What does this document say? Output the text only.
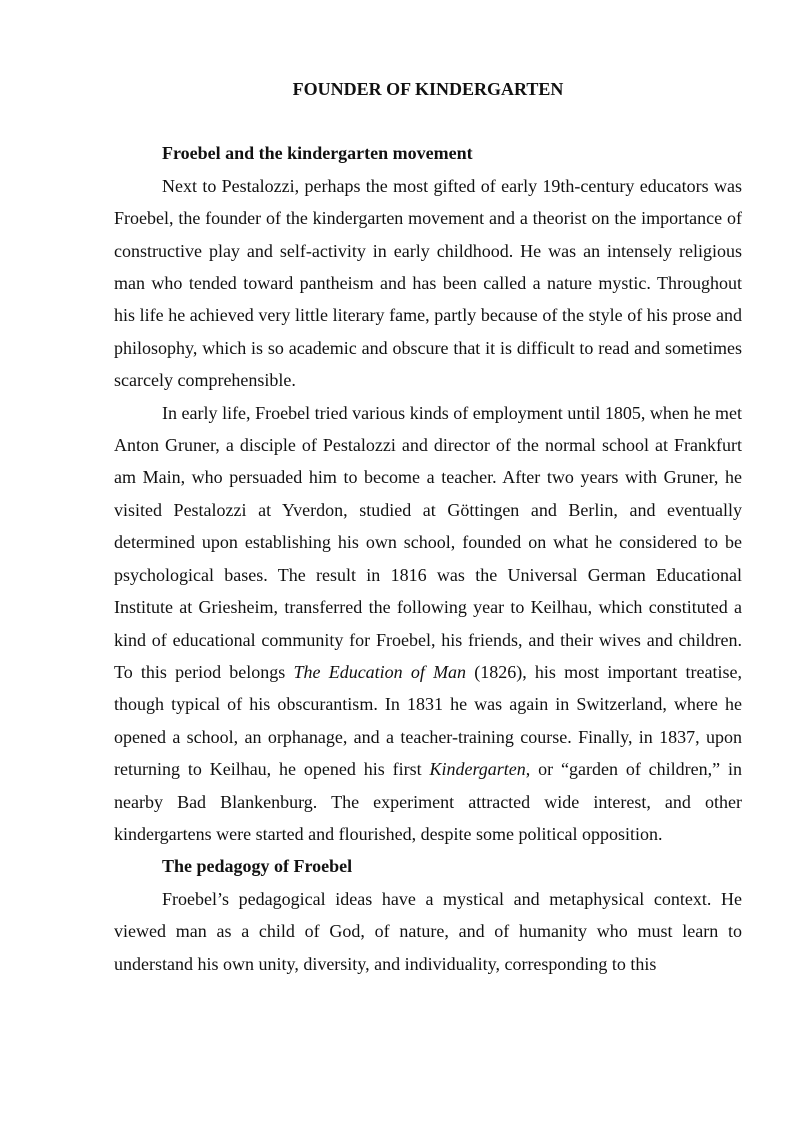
FOUNDER OF KINDERGARTEN

Froebel and the kindergarten movement

Next to Pestalozzi, perhaps the most gifted of early 19th-century educators was Froebel, the founder of the kindergarten movement and a theorist on the importance of constructive play and self-activity in early childhood. He was an intensely religious man who tended toward pantheism and has been called a nature mystic. Throughout his life he achieved very little literary fame, partly because of the style of his prose and philosophy, which is so academic and obscure that it is difficult to read and sometimes scarcely comprehensible.

In early life, Froebel tried various kinds of employment until 1805, when he met Anton Gruner, a disciple of Pestalozzi and director of the normal school at Frankfurt am Main, who persuaded him to become a teacher. After two years with Gruner, he visited Pestalozzi at Yverdon, studied at Göttingen and Berlin, and eventually determined upon establishing his own school, founded on what he considered to be psychological bases. The result in 1816 was the Universal German Educational Institute at Griesheim, transferred the following year to Keilhau, which constituted a kind of educational community for Froebel, his friends, and their wives and children. To this period belongs The Education of Man (1826), his most important treatise, though typical of his obscurantism. In 1831 he was again in Switzerland, where he opened a school, an orphanage, and a teacher-training course. Finally, in 1837, upon returning to Keilhau, he opened his first Kindergarten, or “garden of children,” in nearby Bad Blankenburg. The experiment attracted wide interest, and other kindergartens were started and flourished, despite some political opposition.

The pedagogy of Froebel

Froebel’s pedagogical ideas have a mystical and metaphysical context. He viewed man as a child of God, of nature, and of humanity who must learn to understand his own unity, diversity, and individuality, corresponding to this
